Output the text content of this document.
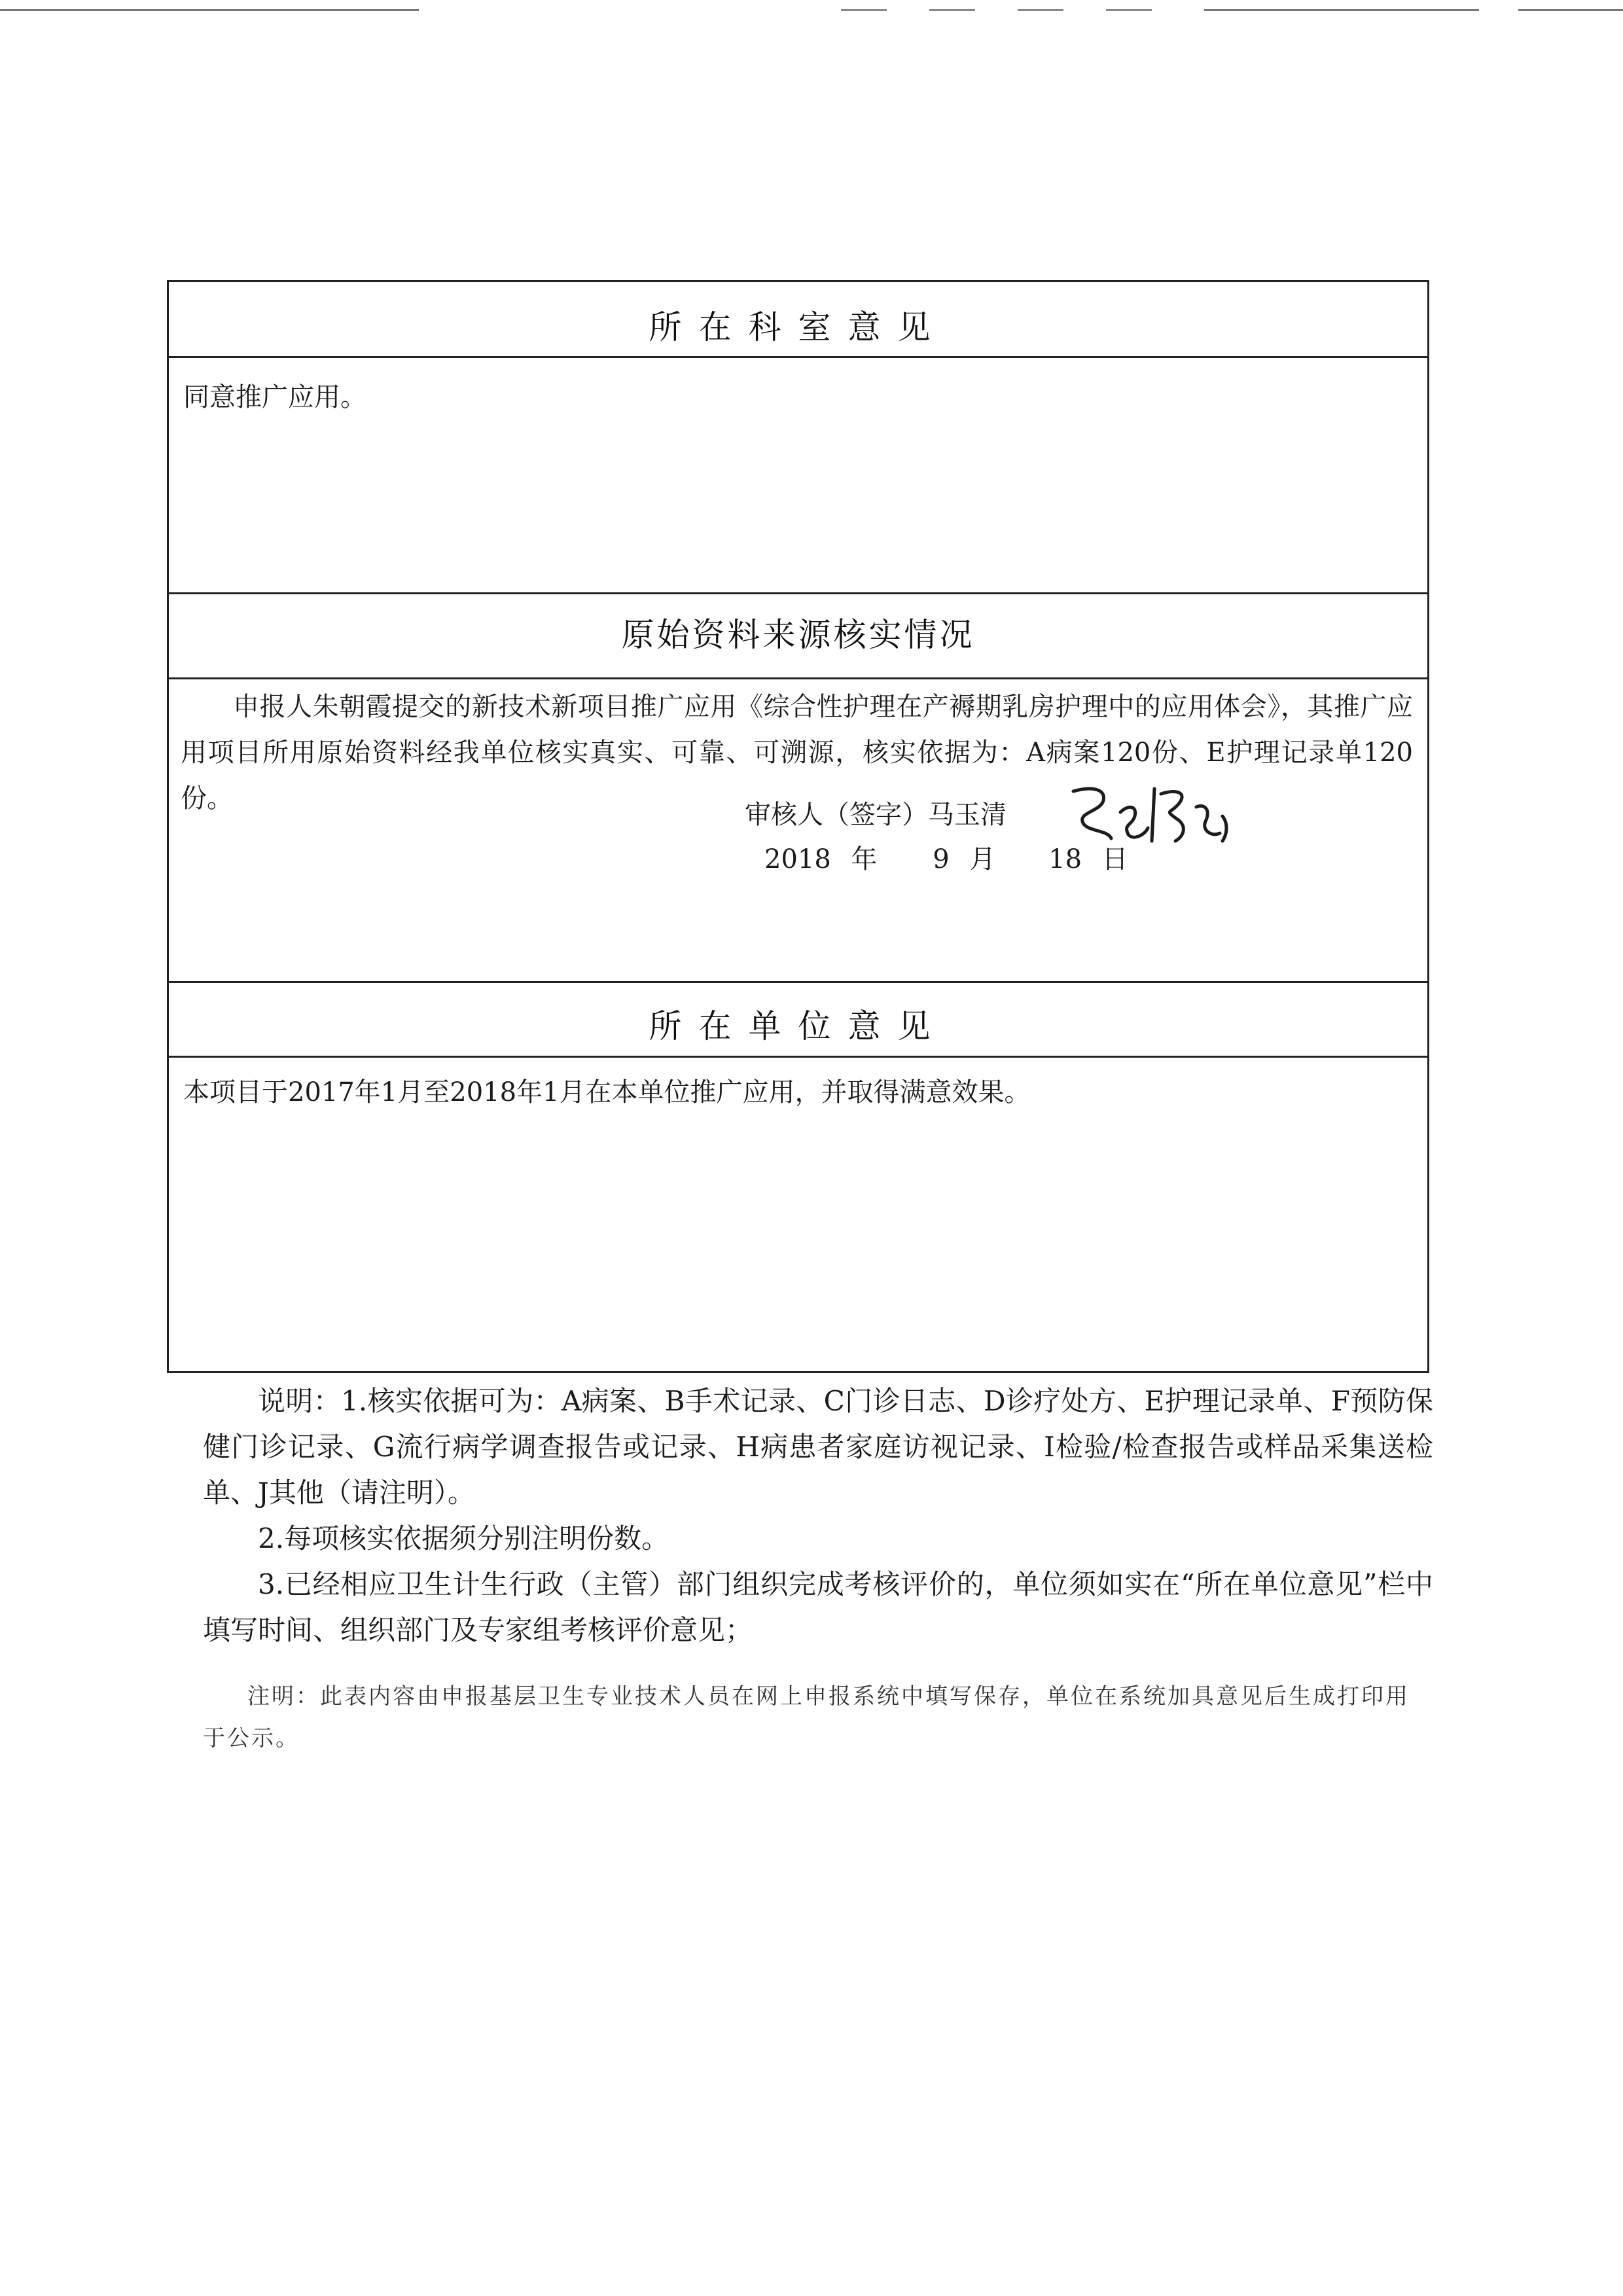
所在科室意见
同意推广应用。
原始资料来源核实情况
申报人朱朝霞提交的新技术新项目推广应用《综合性护理在产褥期乳房护理中的应用体会》，其推广应用项目所用原始资料经我单位核实真实、可靠、可溯源，核实依据为：A病案120份、E护理记录单120份。
审核人（签字）马玉清
2018 年 9 月 18 日
所在单位意见
本项目于2017年1月至2018年1月在本单位推广应用，并取得满意效果。

说明：1.核实依据可为：A病案、B手术记录、C门诊日志、D诊疗处方、E护理记录单、F预防保健门诊记录、G流行病学调查报告或记录、H病患者家庭访视记录、I检验/检查报告或样品采集送检单、J其他（请注明）。

2.每项核实依据须分别注明份数。

3.已经相应卫生计生行政（主管）部门组织完成考核评价的，单位须如实在“所在单位意见”栏中填写时间、组织部门及专家组考核评价意见；

注明：此表内容由申报基层卫生专业技术人员在网上申报系统中填写保存，单位在系统加具意见后生成打印用于公示。
